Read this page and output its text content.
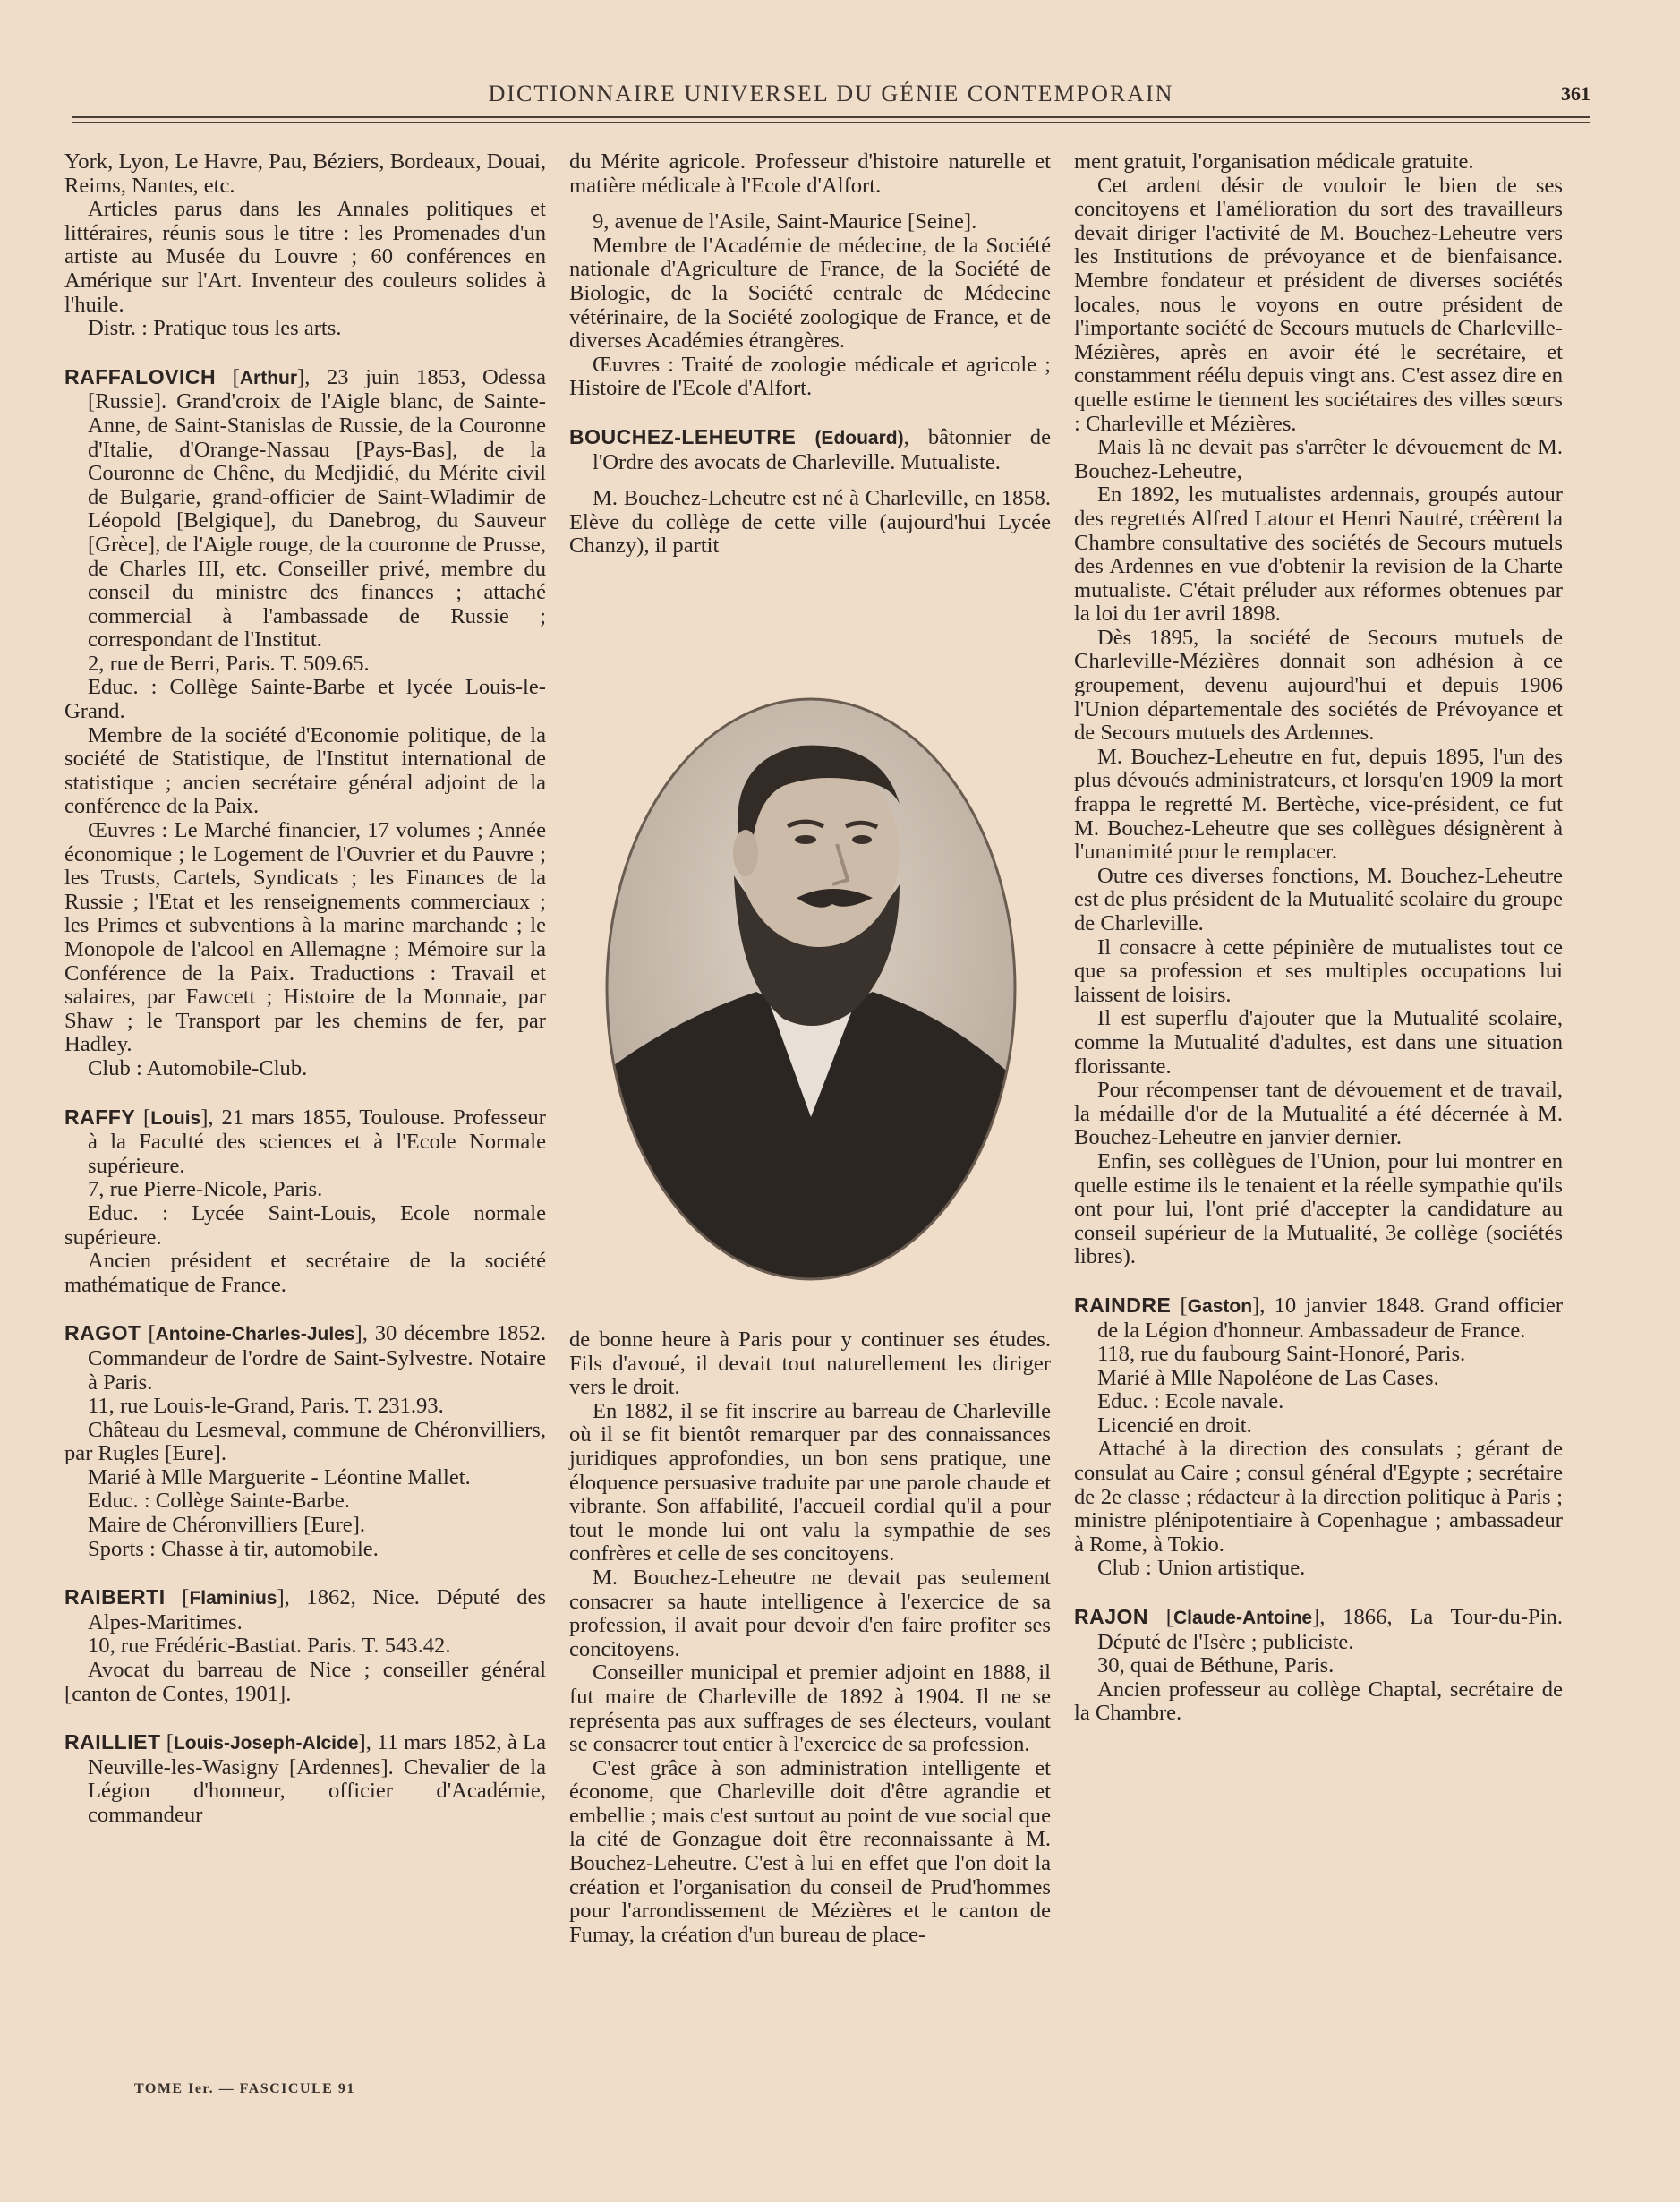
DICTIONNAIRE UNIVERSEL DU GÉNIE CONTEMPORAIN	361

York, Lyon, Le Havre, Pau, Béziers, Bordeaux, Douai, Reims, Nantes, etc.

Articles parus dans les Annales politiques et littéraires, réunis sous le titre : les Promenades d'un artiste au Musée du Louvre ; 60 conférences en Amérique sur l'Art. Inventeur des couleurs solides à l'huile.

Distr. : Pratique tous les arts.

RAFFALOVICH [Arthur], 23 juin 1853, Odessa [Russie]. Grand'croix de l'Aigle blanc, de Sainte-Anne, de Saint-Stanislas de Russie, de la Couronne d'Italie, d'Orange-Nassau [Pays-Bas], de la Couronne de Chêne, du Medjidié, du Mérite civil de Bulgarie, grand-officier de Saint-Wladimir de Léopold [Belgique], du Danebrog, du Sauveur [Grèce], de l'Aigle rouge, de la couronne de Prusse, de Charles III, etc. Conseiller privé, membre du conseil du ministre des finances ; attaché commercial à l'ambassade de Russie ; correspondant de l'Institut.

2, rue de Berri, Paris. T. 509.65.

Educ. : Collège Sainte-Barbe et lycée Louis-le-Grand.

Membre de la société d'Economie politique, de la société de Statistique, de l'Institut international de statistique ; ancien secrétaire général adjoint de la conférence de la Paix.

Œuvres : Le Marché financier, 17 volumes ; Année économique ; le Logement de l'Ouvrier et du Pauvre ; les Trusts, Cartels, Syndicats ; les Finances de la Russie ; l'Etat et les renseignements commerciaux ; les Primes et subventions à la marine marchande ; le Monopole de l'alcool en Allemagne ; Mémoire sur la Conférence de la Paix. Traductions : Travail et salaires, par Fawcett ; Histoire de la Monnaie, par Shaw ; le Transport par les chemins de fer, par Hadley.

Club : Automobile-Club.

RAFFY [Louis], 21 mars 1855, Toulouse. Professeur à la Faculté des sciences et à l'Ecole Normale supérieure.

7, rue Pierre-Nicole, Paris.

Educ. : Lycée Saint-Louis, Ecole normale supérieure.

Ancien président et secrétaire de la société mathématique de France.

RAGOT [Antoine-Charles-Jules], 30 décembre 1852. Commandeur de l'ordre de Saint-Sylvestre. Notaire à Paris.

11, rue Louis-le-Grand, Paris. T. 231.93.

Château du Lesmeval, commune de Chéronvilliers, par Rugles [Eure].

Marié à Mlle Marguerite - Léontine Mallet.

Educ. : Collège Sainte-Barbe.

Maire de Chéronvilliers [Eure].

Sports : Chasse à tir, automobile.

RAIBERTI [Flaminius], 1862, Nice. Député des Alpes-Maritimes.

10, rue Frédéric-Bastiat. Paris. T. 543.42.

Avocat du barreau de Nice ; conseiller général [canton de Contes, 1901].

RAILLIET [Louis-Joseph-Alcide], 11 mars 1852, à La Neuville-les-Wasigny [Ardennes]. Chevalier de la Légion d'honneur, officier d'Académie, commandeur

du Mérite agricole. Professeur d'histoire naturelle et matière médicale à l'Ecole d'Alfort.

9, avenue de l'Asile, Saint-Maurice [Seine].

Membre de l'Académie de médecine, de la Société nationale d'Agriculture de France, de la Société de Biologie, de la Société centrale de Médecine vétérinaire, de la Société zoologique de France, et de diverses Académies étrangères.

Œuvres : Traité de zoologie médicale et agricole ; Histoire de l'Ecole d'Alfort.

BOUCHEZ-LEHEUTRE (Edouard), bâtonnier de l'Ordre des avocats de Charleville. Mutualiste.

M. Bouchez-Leheutre est né à Charleville, en 1858. Elève du collège de cette ville (aujourd'hui Lycée Chanzy), il partit

de bonne heure à Paris pour y continuer ses études. Fils d'avoué, il devait tout naturellement les diriger vers le droit.

En 1882, il se fit inscrire au barreau de Charleville où il se fit bientôt remarquer par des connaissances juridiques approfondies, un bon sens pratique, une éloquence persuasive traduite par une parole chaude et vibrante. Son affabilité, l'accueil cordial qu'il a pour tout le monde lui ont valu la sympathie de ses confrères et celle de ses concitoyens.

M. Bouchez-Leheutre ne devait pas seulement consacrer sa haute intelligence à l'exercice de sa profession, il avait pour devoir d'en faire profiter ses concitoyens.

Conseiller municipal et premier adjoint en 1888, il fut maire de Charleville de 1892 à 1904. Il ne se représenta pas aux suffrages de ses électeurs, voulant se consacrer tout entier à l'exercice de sa profession.

C'est grâce à son administration intelligente et économe, que Charleville doit d'être agrandie et embellie ; mais c'est surtout au point de vue social que la cité de Gonzague doit être reconnaissante à M. Bouchez-Leheutre. C'est à lui en effet que l'on doit la création et l'organisation du conseil de Prud'hommes pour l'arrondissement de Mézières et le canton de Fumay, la création d'un bureau de place-

ment gratuit, l'organisation médicale gratuite.

Cet ardent désir de vouloir le bien de ses concitoyens et l'amélioration du sort des travailleurs devait diriger l'activité de M. Bouchez-Leheutre vers les Institutions de prévoyance et de bienfaisance. Membre fondateur et président de diverses sociétés locales, nous le voyons en outre président de l'importante société de Secours mutuels de Charleville-Mézières, après en avoir été le secrétaire, et constamment réélu depuis vingt ans. C'est assez dire en quelle estime le tiennent les sociétaires des villes sœurs : Charleville et Mézières.

Mais là ne devait pas s'arrêter le dévouement de M. Bouchez-Leheutre,

En 1892, les mutualistes ardennais, groupés autour des regrettés Alfred Latour et Henri Nautré, créèrent la Chambre consultative des sociétés de Secours mutuels des Ardennes en vue d'obtenir la revision de la Charte mutualiste. C'était préluder aux réformes obtenues par la loi du 1er avril 1898.

Dès 1895, la société de Secours mutuels de Charleville-Mézières donnait son adhésion à ce groupement, devenu aujourd'hui et depuis 1906 l'Union départementale des sociétés de Prévoyance et de Secours mutuels des Ardennes.

M. Bouchez-Leheutre en fut, depuis 1895, l'un des plus dévoués administrateurs, et lorsqu'en 1909 la mort frappa le regretté M. Bertèche, vice-président, ce fut M. Bouchez-Leheutre que ses collègues désignèrent à l'unanimité pour le remplacer.

Outre ces diverses fonctions, M. Bouchez-Leheutre est de plus président de la Mutualité scolaire du groupe de Charleville.

Il consacre à cette pépinière de mutualistes tout ce que sa profession et ses multiples occupations lui laissent de loisirs.

Il est superflu d'ajouter que la Mutualité scolaire, comme la Mutualité d'adultes, est dans une situation florissante.

Pour récompenser tant de dévouement et de travail, la médaille d'or de la Mutualité a été décernée à M. Bouchez-Leheutre en janvier dernier.

Enfin, ses collègues de l'Union, pour lui montrer en quelle estime ils le tenaient et la réelle sympathie qu'ils ont pour lui, l'ont prié d'accepter la candidature au conseil supérieur de la Mutualité, 3e collège (sociétés libres).

RAINDRE [Gaston], 10 janvier 1848. Grand officier de la Légion d'honneur. Ambassadeur de France.

118, rue du faubourg Saint-Honoré, Paris.

Marié à Mlle Napoléone de Las Cases.

Educ. : Ecole navale.

Licencié en droit.

Attaché à la direction des consulats ; gérant de consulat au Caire ; consul général d'Egypte ; secrétaire de 2e classe ; rédacteur à la direction politique à Paris ; ministre plénipotentiaire à Copenhague ; ambassadeur à Rome, à Tokio.

Club : Union artistique.

RAJON [Claude-Antoine], 1866, La Tour-du-Pin. Député de l'Isère ; publiciste.

30, quai de Béthune, Paris.

Ancien professeur au collège Chaptal, secrétaire de la Chambre.

TOME Ier. — FASCICULE 91
